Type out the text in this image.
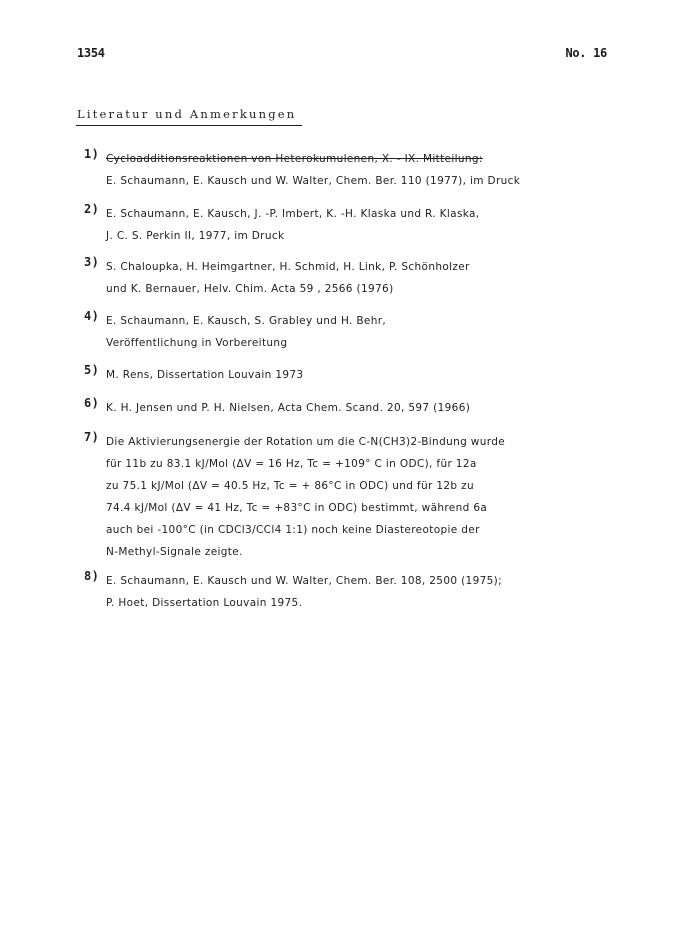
1354	No. 16
Literatur und Anmerkungen
1) Cycloadditionsreaktionen von Heterokumulenen, X. - IX. Mitteilung:
E. Schaumann, E. Kausch und W. Walter, Chem. Ber. 110 (1977), im Druck
2) E. Schaumann, E. Kausch, J. -P. Imbert, K. -H. Klaska und R. Klaska,
J. C. S. Perkin II, 1977, im Druck
3) S. Chaloupka, H. Heimgartner, H. Schmid, H. Link, P. Schönholzer
und K. Bernauer, Helv. Chim. Acta 59 , 2566 (1976)
4) E. Schaumann, E. Kausch, S. Grabley und H. Behr,
Veröffentlichung in Vorbereitung
5) M. Rens, Dissertation Louvain 1973
6) K. H. Jensen und P. H. Nielsen, Acta Chem. Scand. 20, 597 (1966)
7) Die Aktivierungsenergie der Rotation um die C-N(CH3)2-Bindung wurde
für 11b zu 83.1 kJ/Mol (ΔV = 16 Hz, Tc = +109° C in ODC), für 12a
zu 75.1 kJ/Mol (ΔV = 40.5 Hz, Tc = + 86°C in ODC) und für 12b zu
74.4 kJ/Mol (ΔV = 41 Hz, Tc = +83°C in ODC) bestimmt, während 6a
auch bei -100°C (in CDCl3/CCl4 1:1) noch keine Diastereotopie der
N-Methyl-Signale zeigte.
8) E. Schaumann, E. Kausch und W. Walter, Chem. Ber. 108, 2500 (1975);
P. Hoet, Dissertation Louvain 1975.
